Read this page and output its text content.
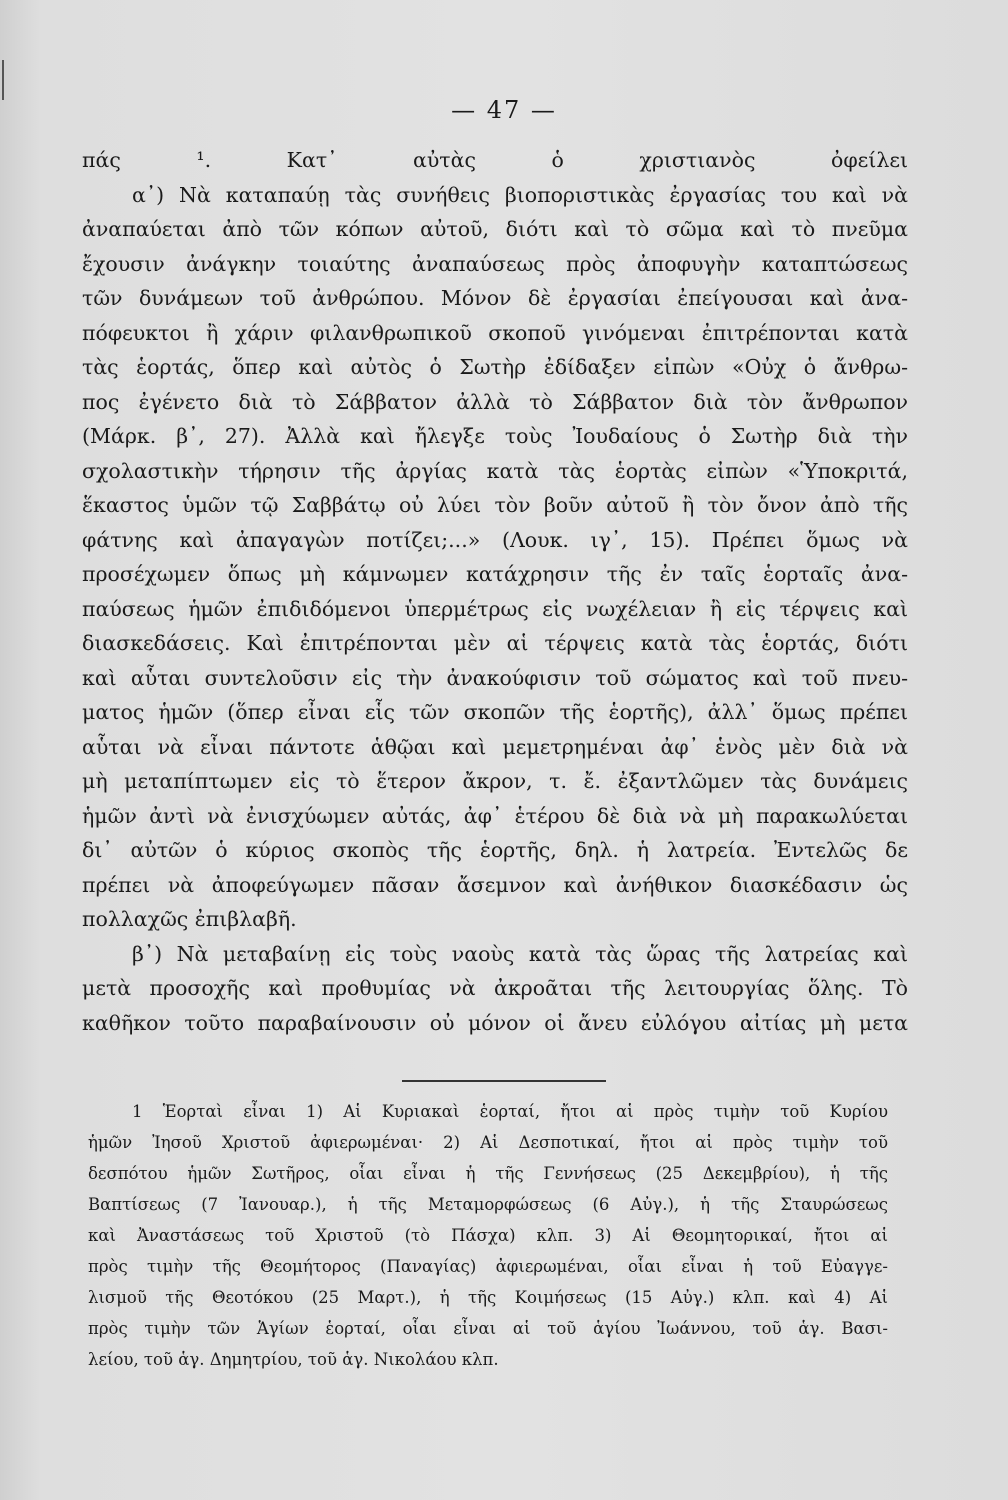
— 47 —
πάς ¹. Κατ᾽ αὐτὰς ὁ χριστιανὸς ὀφείλει
α᾽) Νὰ καταπαύῃ τὰς συνήθεις βιοποριστικὰς ἐργασίας του καὶ νὰ
ἀναπαύεται ἀπὸ τῶν κόπων αὐτοῦ, διότι καὶ τὸ σῶμα καὶ τὸ πνεῦμα
ἔχουσιν ἀνάγκην τοιαύτης ἀναπαύσεως πρὸς ἀποφυγὴν καταπτώσεως
τῶν δυνάμεων τοῦ ἀνθρώπου. Μόνον δὲ ἐργασίαι ἐπείγουσαι καὶ ἀνα-
πόφευκτοι ἢ χάριν φιλανθρωπικοῦ σκοποῦ γινόμεναι ἐπιτρέπονται κατὰ
τὰς ἑορτάς, ὅπερ καὶ αὐτὸς ὁ Σωτὴρ ἐδίδαξεν εἰπὼν «Οὐχ ὁ ἄνθρω-
πος ἐγένετο διὰ τὸ Σάββατον ἀλλὰ τὸ Σάββατον διὰ τὸν ἄνθρωπον
(Μάρκ. β᾽, 27). Ἀλλὰ καὶ ἤλεγξε τοὺς Ἰουδαίους ὁ Σωτὴρ διὰ τὴν
σχολαστικὴν τήρησιν τῆς ἀργίας κατὰ τὰς ἑορτὰς εἰπὼν «Ὑποκριτά,
ἕκαστος ὑμῶν τῷ Σαββάτῳ οὐ λύει τὸν βοῦν αὐτοῦ ἢ τὸν ὄνον ἀπὸ τῆς
φάτνης καὶ ἀπαγαγὼν ποτίζει;...» (Λουκ. ιγ᾽, 15). Πρέπει ὅμως νὰ
προσέχωμεν ὅπως μὴ κάμνωμεν κατάχρησιν τῆς ἐν ταῖς ἑορταῖς ἀνα-
παύσεως ἡμῶν ἐπιδιδόμενοι ὑπερμέτρως εἰς νωχέλειαν ἢ εἰς τέρψεις καὶ
διασκεδάσεις. Καὶ ἐπιτρέπονται μὲν αἱ τέρψεις κατὰ τὰς ἑορτάς, διότι
καὶ αὗται συντελοῦσιν εἰς τὴν ἀνακούφισιν τοῦ σώματος καὶ τοῦ πνευ-
ματος ἡμῶν (ὅπερ εἶναι εἷς τῶν σκοπῶν τῆς ἑορτῆς), ἀλλ᾽ ὅμως πρέπει
αὗται νὰ εἶναι πάντοτε ἁθῷαι καὶ μεμετρημέναι ἀφ᾽ ἑνὸς μὲν διὰ νὰ
μὴ μεταπίπτωμεν εἰς τὸ ἕτερον ἄκρον, τ. ἔ. ἐξαντλῶμεν τὰς δυνάμεις
ἡμῶν ἀντὶ νὰ ἐνισχύωμεν αὐτάς, ἀφ᾽ ἑτέρου δὲ διὰ νὰ μὴ παρακωλύεται
δι᾽ αὐτῶν ὁ κύριος σκοπὸς τῆς ἑορτῆς, δηλ. ἡ λατρεία. Ἐντελῶς δε
πρέπει νὰ ἀποφεύγωμεν πᾶσαν ἄσεμνον καὶ ἀνήθικον διασκέδασιν ὡς
πολλαχῶς ἐπιβλαβῆ.
β᾽) Νὰ μεταβαίνῃ εἰς τοὺς ναοὺς κατὰ τὰς ὥρας τῆς λατρείας καὶ
μετὰ προσοχῆς καὶ προθυμίας νὰ ἀκροᾶται τῆς λειτουργίας ὅλης. Τὸ
καθῆκον τοῦτο παραβαίνουσιν οὐ μόνον οἱ ἄνευ εὐλόγου αἰτίας μὴ μετα
1 Ἑορταὶ εἶναι 1) Αἱ Κυριακαὶ ἑορταί, ἤτοι αἱ πρὸς τιμὴν τοῦ Κυρίου
ἡμῶν Ἰησοῦ Χριστοῦ ἀφιερωμέναι· 2) Αἱ Δεσποτικαί, ἤτοι αἱ πρὸς τιμὴν τοῦ
δεσπότου ἡμῶν Σωτῆρος, οἷαι εἶναι ἡ τῆς Γεννήσεως (25 Δεκεμβρίου), ἡ τῆς
Βαπτίσεως (7 Ἰανουαρ.), ἡ τῆς Μεταμορφώσεως (6 Αὐγ.), ἡ τῆς Σταυρώσεως
καὶ Ἀναστάσεως τοῦ Χριστοῦ (τὸ Πάσχα) κλπ. 3) Αἱ Θεομητορικαί, ἤτοι αἱ
πρὸς τιμὴν τῆς Θεομήτορος (Παναγίας) ἀφιερωμέναι, οἷαι εἶναι ἡ τοῦ Εὐαγγε-
λισμοῦ τῆς Θεοτόκου (25 Μαρτ.), ἡ τῆς Κοιμήσεως (15 Αὐγ.) κλπ. καὶ 4) Αἱ
πρὸς τιμὴν τῶν Ἁγίων ἑορταί, οἷαι εἶναι αἱ τοῦ ἁγίου Ἰωάννου, τοῦ ἁγ. Βασι-
λείου, τοῦ ἁγ. Δημητρίου, τοῦ ἁγ. Νικολάου κλπ.
